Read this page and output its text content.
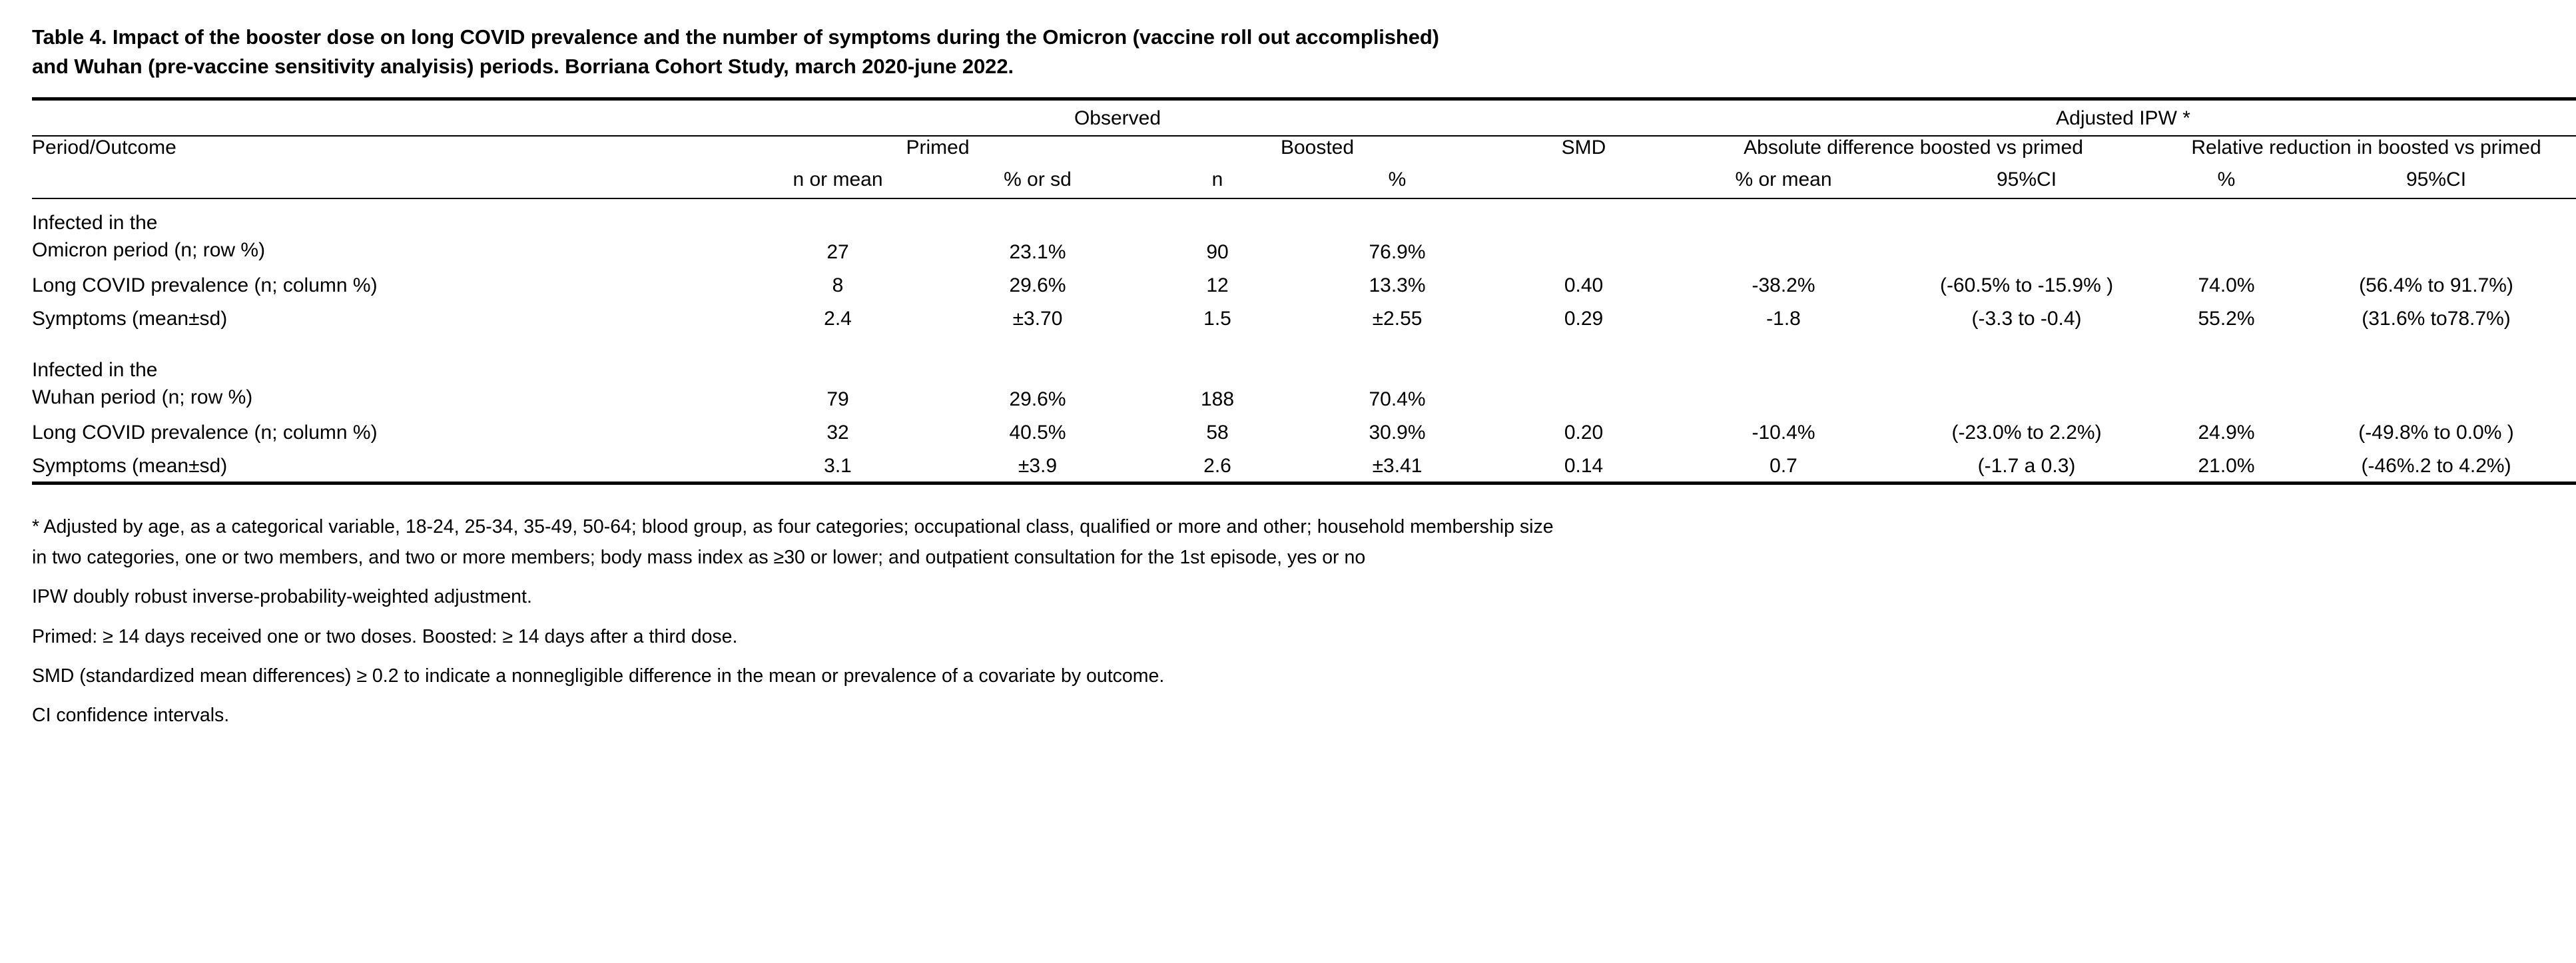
Table 4. Impact of the booster dose on long COVID prevalence and the number of symptoms during the Omicron (vaccine roll out accomplished)
and Wuhan (pre-vaccine sensitivity analyisis) periods. Borriana Cohort Study, march 2020-june 2022.
	Observed					Adjusted IPW *			
Period/Outcome	Primed		Boosted		SMD	Absolute difference boosted vs primed		Relative reduction in boosted vs primed	
	n or mean	% or sd	n	%		% or mean	95%CI	%	95%CI
Infected in the
Omicron period (n; row %)	27	23.1%	90	76.9%					
Long COVID prevalence (n; column %)	8	29.6%	12	13.3%	0.40	-38.2%	(-60.5% to -15.9% )	74.0%	(56.4% to 91.7%)
Symptoms (mean±sd)	2.4	±3.70	1.5	±2.55	0.29	-1.8	(-3.3 to -0.4)	55.2%	(31.6% to78.7%)

Infected in the
Wuhan period (n; row %)	79	29.6%	188	70.4%					
Long COVID prevalence (n; column %)	32	40.5%	58	30.9%	0.20	-10.4%	(-23.0% to 2.2%)	24.9%	(-49.8% to 0.0% )
Symptoms (mean±sd)	3.1	±3.9	2.6	±3.41	0.14	0.7	(-1.7 a 0.3)	21.0%	(-46%.2 to 4.2%)

* Adjusted by age, as a categorical variable, 18-24, 25-34, 35-49, 50-64; blood group, as four categories; occupational class, qualified or more and other; household membership size
in two categories, one or two members, and two or more members; body mass index as ≥30 or lower; and outpatient consultation for the 1st episode, yes or no

IPW doubly robust inverse-probability-weighted adjustment.

Primed: ≥ 14 days received one or two doses. Boosted: ≥ 14 days after a third dose.

SMD (standardized mean differences) ≥ 0.2 to indicate a nonnegligible difference in the mean or prevalence of a covariate by outcome.

CI confidence intervals.
